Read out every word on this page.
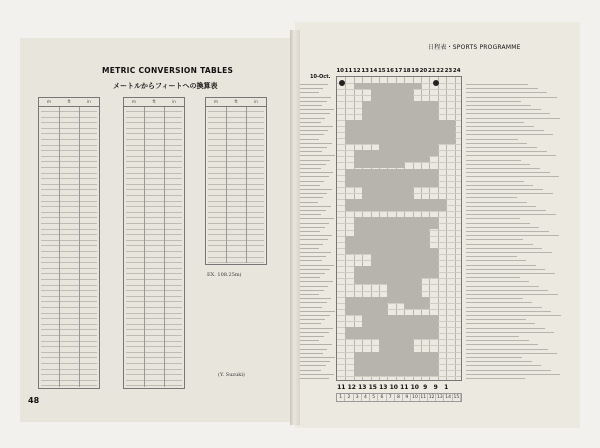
METRIC CONVERSION TABLES
メートルからフィートへの換算表
m	ft	in	m	ft	in	m	ft	in
EX. 108.25m(
(Y. Suzuki)
48
日程表・SPORTS PROGRAMME
10-Oct.
10 11 12 13 14 15 16 17 18 19 20 21 22 23 24
11 12 13 15 13 10 11 10 9	9	1
1	2	3	4	5	6	7	8	9 10 11 12 13 14 15
